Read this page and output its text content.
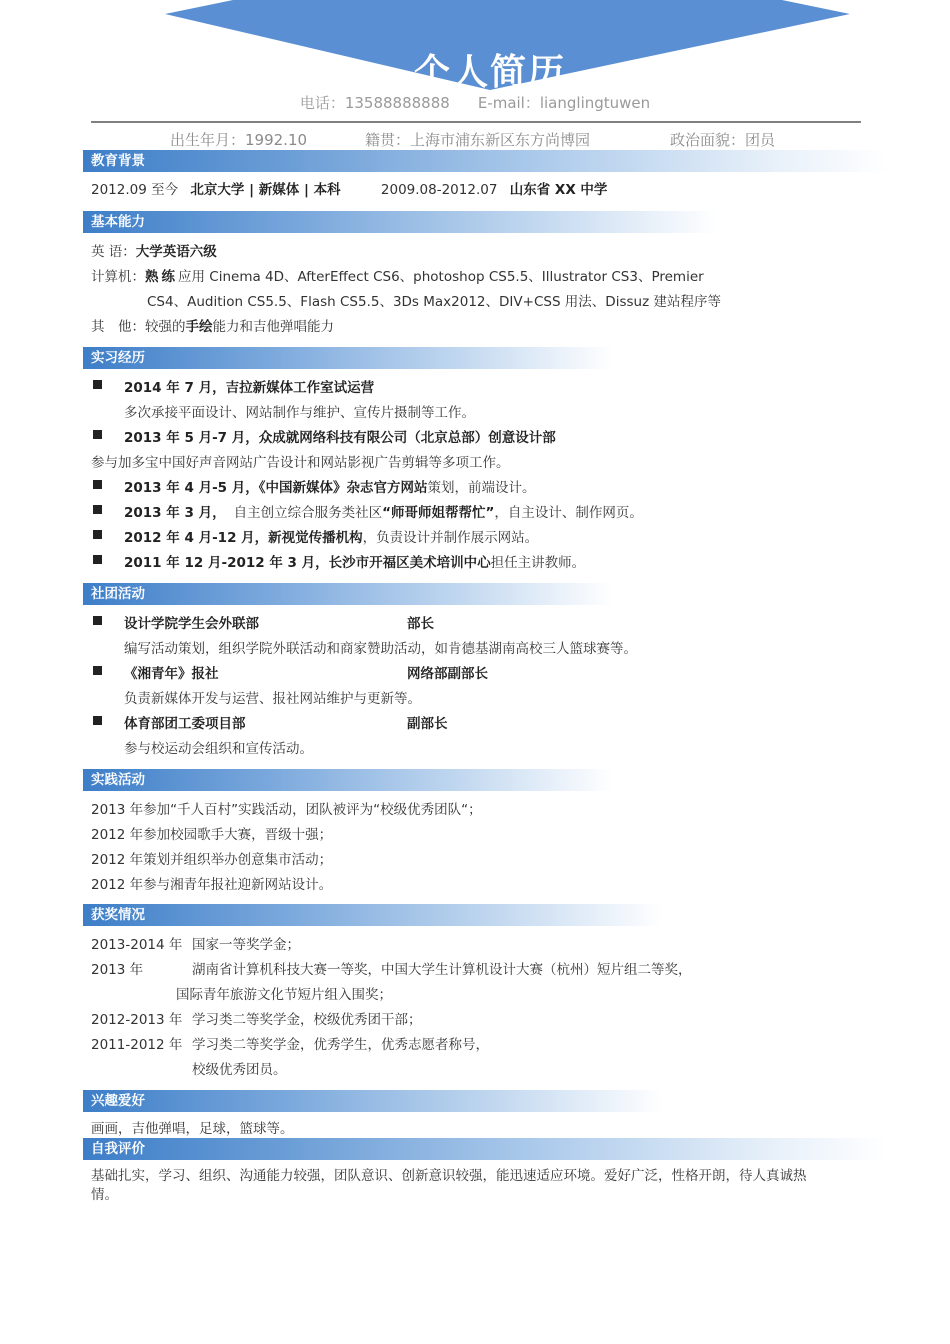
个人简历
电话：13588888888 E-mail：lianglingtuwen
出生年月：1992.10	籍贯：上海市浦东新区东方尚博园	政治面貌：团员
教育背景
2012.09 至今 北京大学 | 新媒体 | 本科	2009.08-2012.07 山东省 XX 中学
基本能力
英 语：大学英语六级
计算机：熟练应用 Cinema 4D、AfterEffect CS6、photoshop CS5.5、Illustrator CS3、Premier
CS4、Audition CS5.5、Flash CS5.5、3Ds Max2012、DIV+CSS 用法、Dissuz 建站程序等
其　他：较强的手绘能力和吉他弹唱能力
实习经历
2014 年 7 月，吉拉新媒体工作室试运营
多次承接平面设计、网站制作与维护、宣传片摄制等工作。
2013 年 5 月-7 月，众成就网络科技有限公司（北京总部）创意设计部
参与加多宝中国好声音网站广告设计和网站影视广告剪辑等多项工作。
2013 年 4 月-5 月，《中国新媒体》杂志官方网站策划，前端设计。
2013 年 3 月， 自主创立综合服务类社区“师哥师姐帮帮忙”，自主设计、制作网页。
2012 年 4 月-12 月，新视觉传播机构，负责设计并制作展示网站。
2011 年 12 月-2012 年 3 月，长沙市开福区美术培训中心担任主讲教师。
社团活动
设计学院学生会外联部	部长
编写活动策划，组织学院外联活动和商家赞助活动，如肯德基湖南高校三人篮球赛等。
《湘青年》报社	网络部副部长
负责新媒体开发与运营、报社网站维护与更新等。
体育部团工委项目部	副部长
参与校运动会组织和宣传活动。
实践活动
2013 年参加“千人百村”实践活动，团队被评为“校级优秀团队“；
2012 年参加校园歌手大赛，晋级十强；
2012 年策划并组织举办创意集市活动；
2012 年参与湘青年报社迎新网站设计。
获奖情况
2013-2014 年 国家一等奖学金；
2013 年	湖南省计算机科技大赛一等奖，中国大学生计算机设计大赛（杭州）短片组二等奖，
国际青年旅游文化节短片组入围奖；
2012-2013 年 学习类二等奖学金，校级优秀团干部；
2011-2012 年 学习类二等奖学金，优秀学生，优秀志愿者称号，
校级优秀团员。
兴趣爱好
画画，吉他弹唱，足球，篮球等。
自我评价
基础扎实，学习、组织、沟通能力较强，团队意识、创新意识较强，能迅速适应环境。爱好广泛，性格开朗，待人真诚热
情。
